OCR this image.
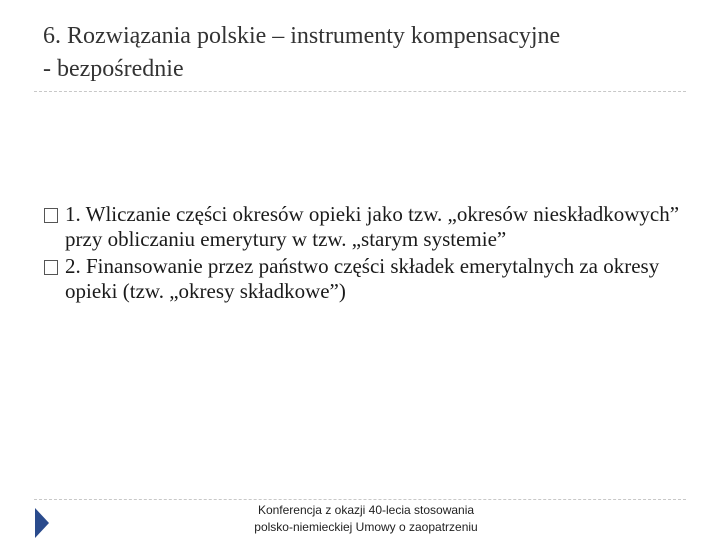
6. Rozwiązania polskie – instrumenty kompensacyjne
- bezpośrednie
1. Wliczanie części okresów opieki jako tzw. „okresów nieskładkowych” przy obliczaniu emerytury w tzw. „starym systemie”
2. Finansowanie przez państwo części składek emerytalnych za okresy opieki (tzw. „okresy składkowe”)
Konferencja z okazji 40-lecia stosowania
polsko-niemieckiej Umowy o zaopatrzeniu
